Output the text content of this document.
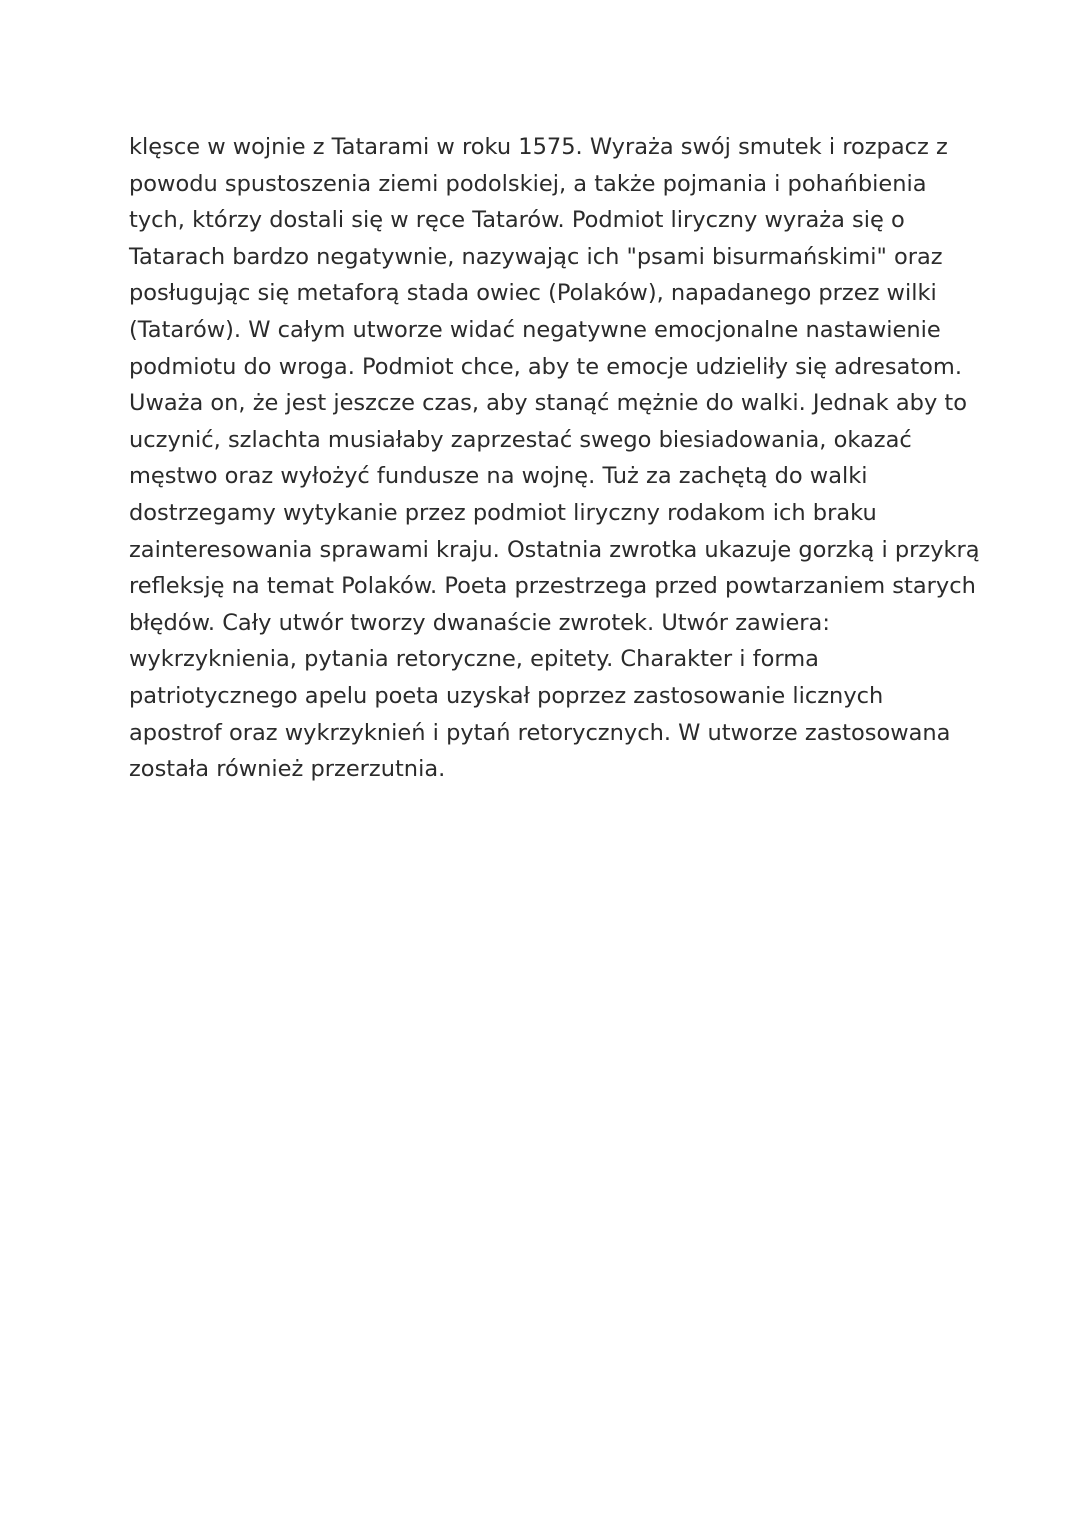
klęsce w wojnie z Tatarami w roku 1575. Wyraża swój smutek i rozpacz z
powodu spustoszenia ziemi podolskiej, a także pojmania i pohańbienia
tych, którzy dostali się w ręce Tatarów. Podmiot liryczny wyraża się o
Tatarach bardzo negatywnie, nazywając ich "psami bisurmańskimi" oraz
posługując się metaforą stada owiec (Polaków), napadanego przez wilki
(Tatarów). W całym utworze widać negatywne emocjonalne nastawienie
podmiotu do wroga. Podmiot chce, aby te emocje udzieliły się adresatom.
Uważa on, że jest jeszcze czas, aby stanąć mężnie do walki. Jednak aby to
uczynić, szlachta musiałaby zaprzestać swego biesiadowania, okazać
męstwo oraz wyłożyć fundusze na wojnę. Tuż za zachętą do walki
dostrzegamy wytykanie przez podmiot liryczny rodakom ich braku
zainteresowania sprawami kraju. Ostatnia zwrotka ukazuje gorzką i przykrą
refleksję na temat Polaków. Poeta przestrzega przed powtarzaniem starych
błędów. Cały utwór tworzy dwanaście zwrotek. Utwór zawiera:
wykrzyknienia, pytania retoryczne, epitety. Charakter i forma
patriotycznego apelu poeta uzyskał poprzez zastosowanie licznych
apostrof oraz wykrzyknień i pytań retorycznych. W utworze zastosowana
została również przerzutnia.
